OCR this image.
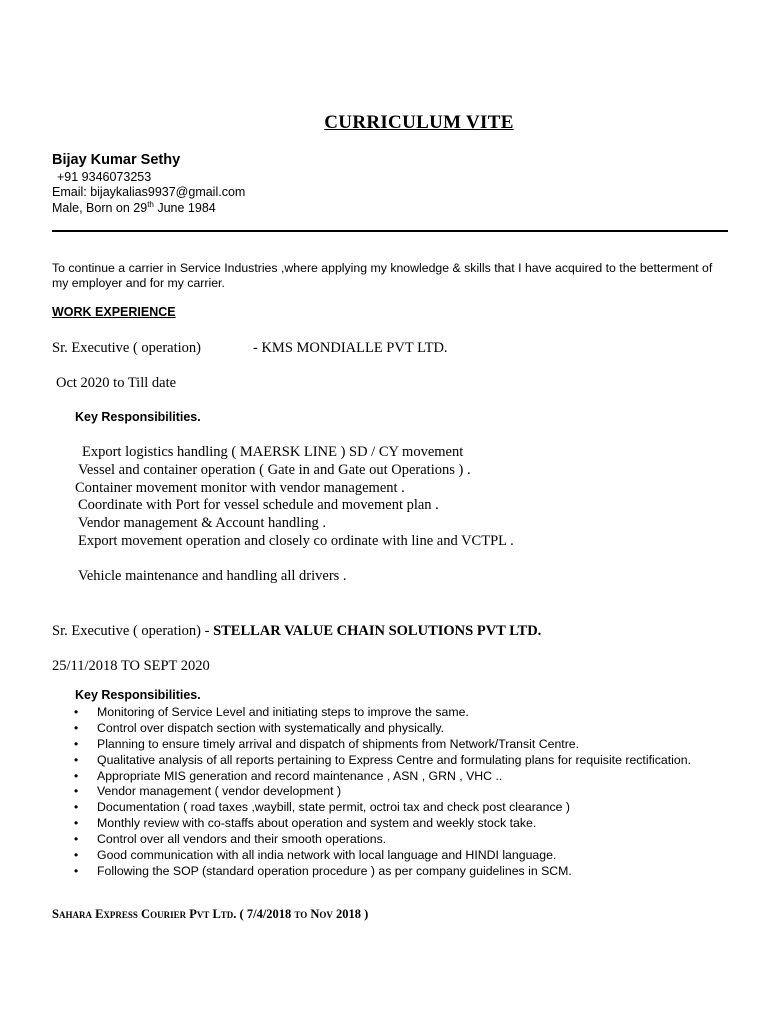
CURRICULUM VITE
Bijay Kumar Sethy
+91 9346073253
Email: bijaykalias9937@gmail.com
Male, Born on 29th June 1984
To continue a carrier in Service Industries ,where applying my knowledge & skills that I have acquired to the betterment of my employer and for my carrier.
WORK EXPERIENCE
Sr. Executive ( operation)	- KMS MONDIALLE PVT LTD.
Oct 2020 to Till date
Key Responsibilities.
Export logistics handling ( MAERSK LINE ) SD / CY movement
Vessel and container operation ( Gate in and Gate out Operations ) .
Container movement monitor with vendor management .
Coordinate with Port for vessel schedule and movement plan .
Vendor management & Account handling .
Export movement operation and closely co ordinate with line and VCTPL .
Vehicle maintenance and handling all drivers .
Sr. Executive ( operation) - STELLAR VALUE CHAIN SOLUTIONS PVT LTD.
25/11/2018 TO SEPT 2020
Key Responsibilities.
•	Monitoring of Service Level and initiating steps to improve the same.
•	Control over dispatch section with systematically and physically.
•	Planning to ensure timely arrival and dispatch of shipments from Network/Transit Centre.
•	Qualitative analysis of all reports pertaining to Express Centre and formulating plans for requisite rectification.
•	Appropriate MIS generation and record maintenance , ASN , GRN , VHC ..
•	Vendor management ( vendor development )
•	Documentation ( road taxes ,waybill, state permit, octroi tax and check post clearance )
•	Monthly review with co-staffs about operation and system and weekly stock take.
•	Control over all vendors and their smooth operations.
•	Good communication with all india network with local language and HINDI language.
•	Following the SOP (standard operation procedure ) as per company guidelines in SCM.
Sahara Express Courier Pvt Ltd. ( 7/4/2018 to Nov 2018 )
